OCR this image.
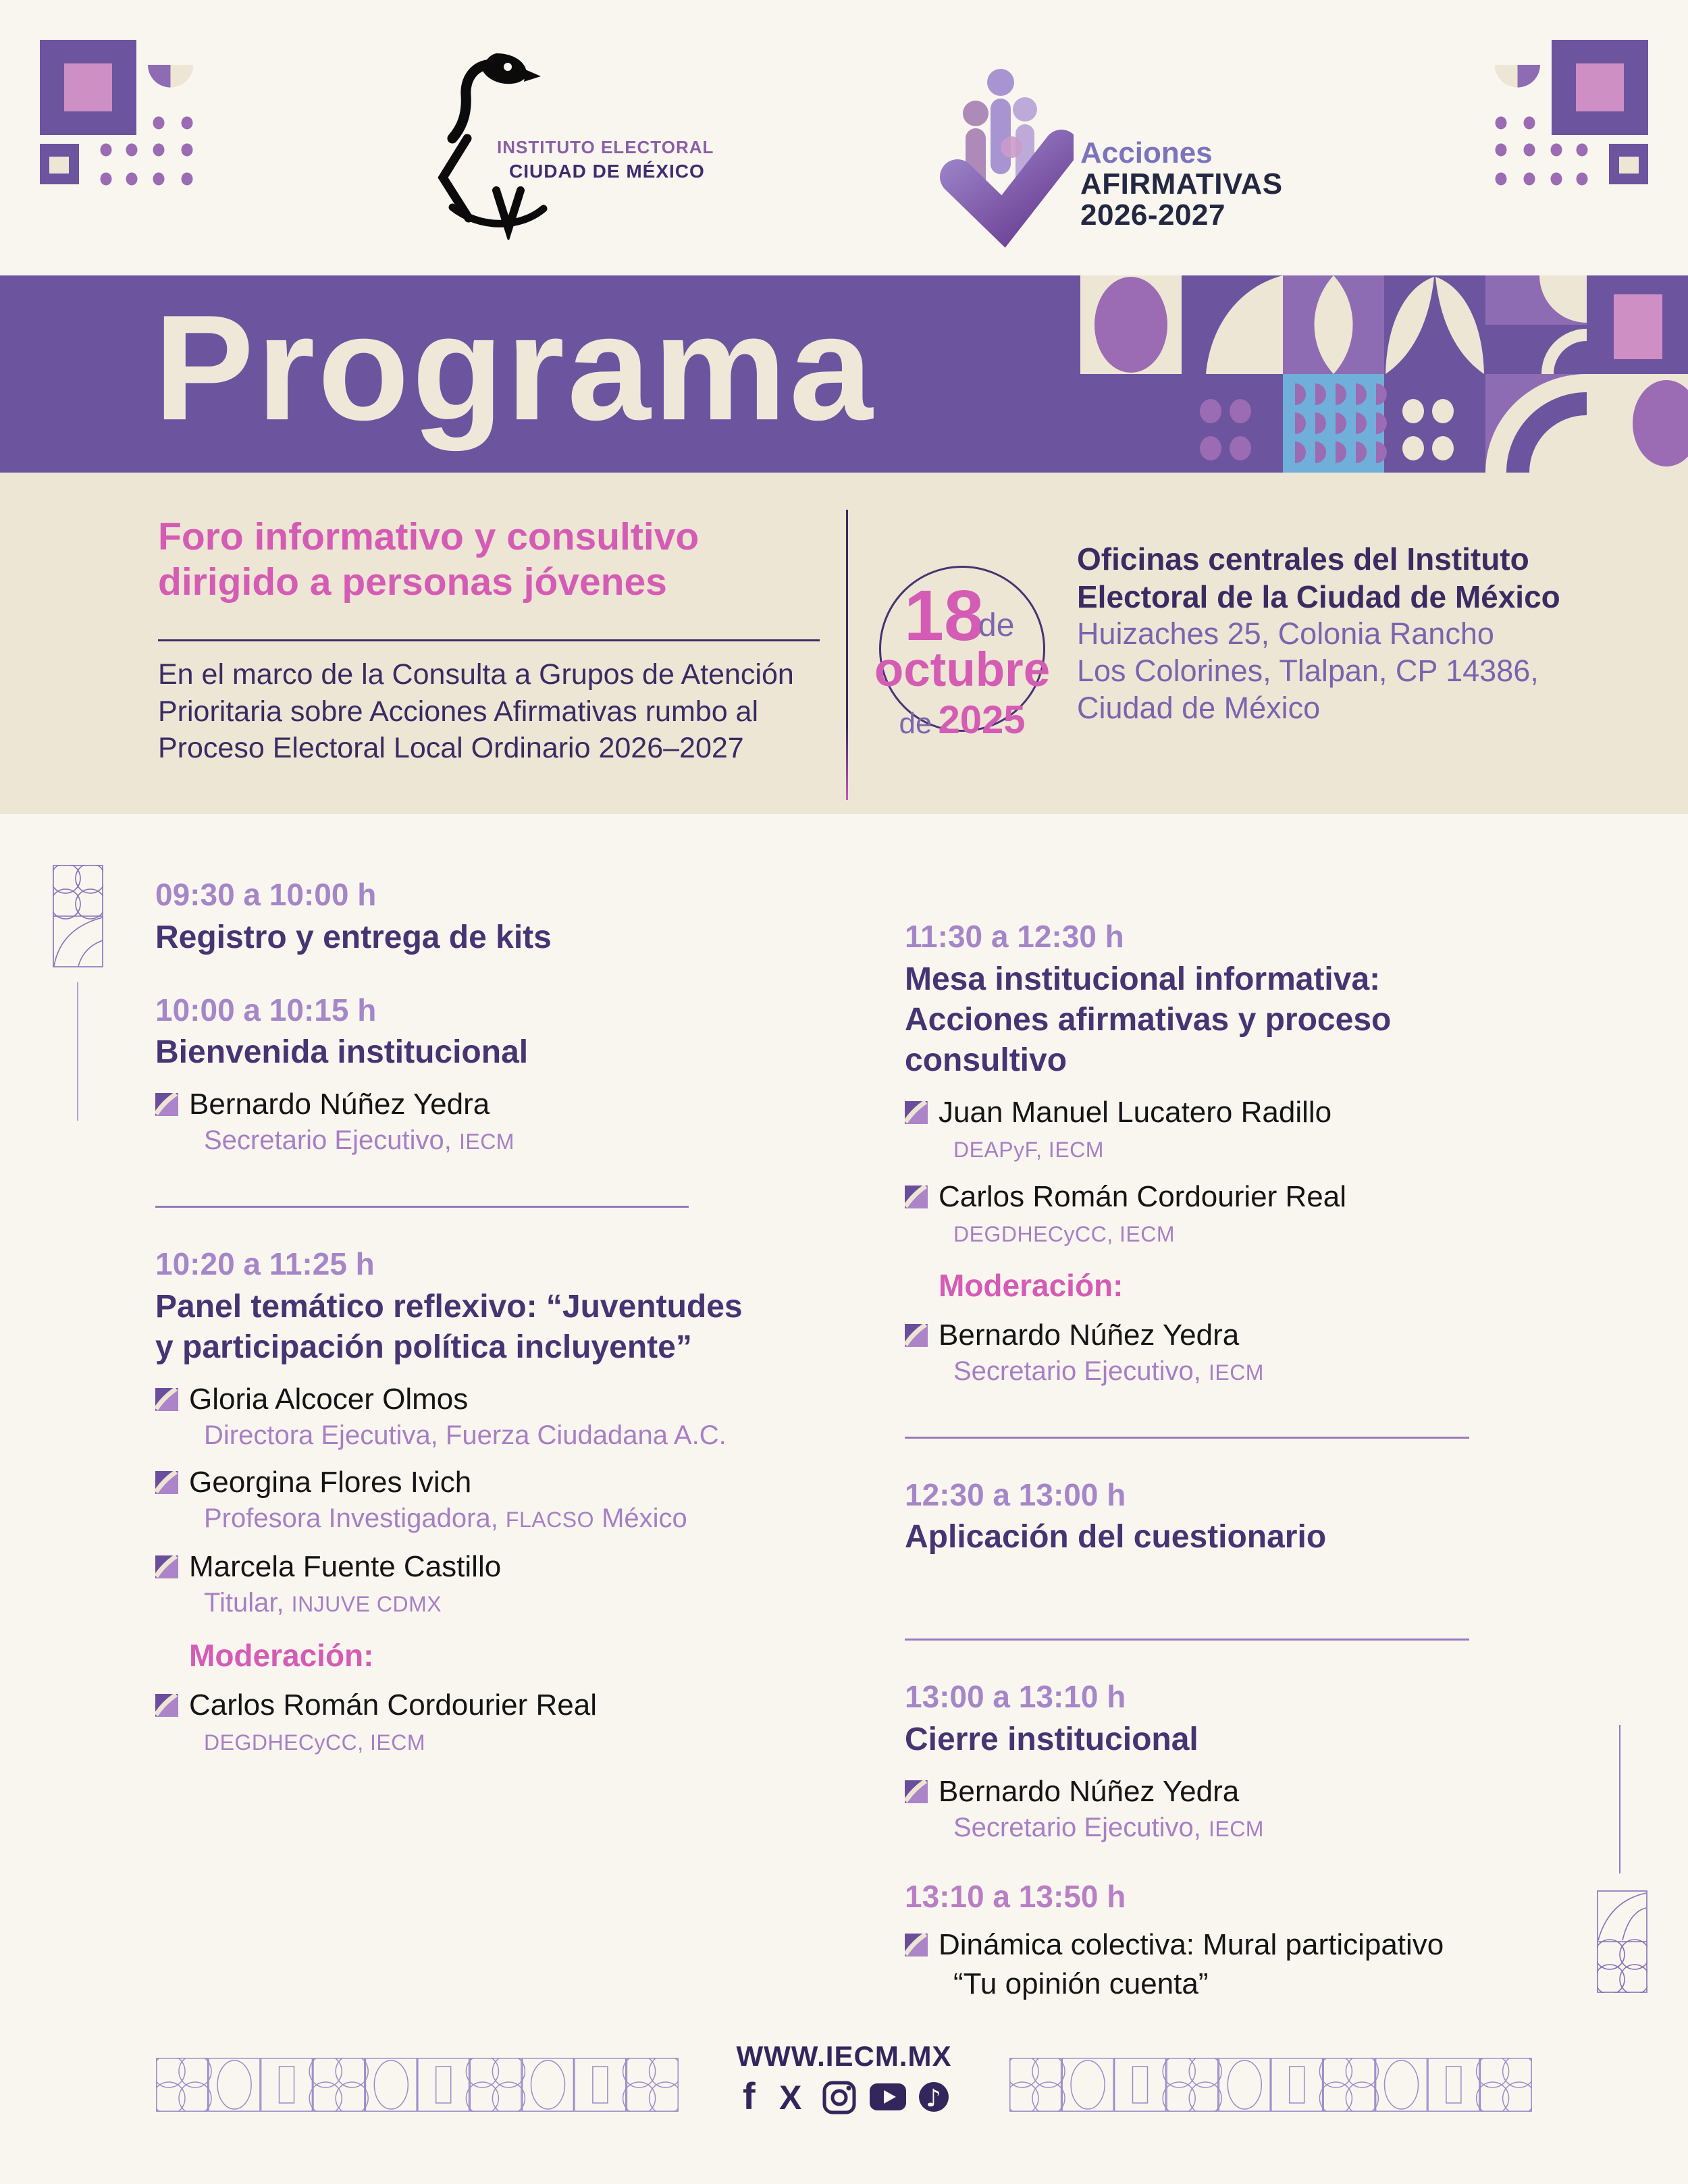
INSTITUTO ELECTORAL
CIUDAD DE MÉXICO
Acciones
AFIRMATIVAS
2026-2027
Programa
Foro informativo y consultivo
dirigido a personas jóvenes
En el marco de la Consulta a Grupos de Atención
Prioritaria sobre Acciones Afirmativas rumbo al
Proceso Electoral Local Ordinario 2026–2027
18
de
octubre
de 2025
Oficinas centrales del Instituto
Electoral de la Ciudad de México
Huizaches 25, Colonia Rancho
Los Colorines, Tlalpan, CP 14386,
Ciudad de México
09:30 a 10:00 h
Registro y entrega de kits
10:00 a 10:15 h
Bienvenida institucional
Bernardo Núñez Yedra
Secretario Ejecutivo, IECM
10:20 a 11:25 h
Panel temático reflexivo: “Juventudes
y participación política incluyente”
Gloria Alcocer Olmos
Directora Ejecutiva, Fuerza Ciudadana A.C.
Georgina Flores Ivich
Profesora Investigadora, FLACSO México
Marcela Fuente Castillo
Titular, INJUVE CDMX
Moderación:
Carlos Román Cordourier Real
DEGDHECyCC, IECM
11:30 a 12:30 h
Mesa institucional informativa:
Acciones afirmativas y proceso
consultivo
Juan Manuel Lucatero Radillo
DEAPyF, IECM
Carlos Román Cordourier Real
DEGDHECyCC, IECM
Moderación:
Bernardo Núñez Yedra
Secretario Ejecutivo, IECM
12:30 a 13:00 h
Aplicación del cuestionario
13:00 a 13:10 h
Cierre institucional
Bernardo Núñez Yedra
Secretario Ejecutivo, IECM
13:10 a 13:50 h
Dinámica colectiva: Mural participativo
“Tu opinión cuenta”
WWW.IECM.MX
f X	♪
